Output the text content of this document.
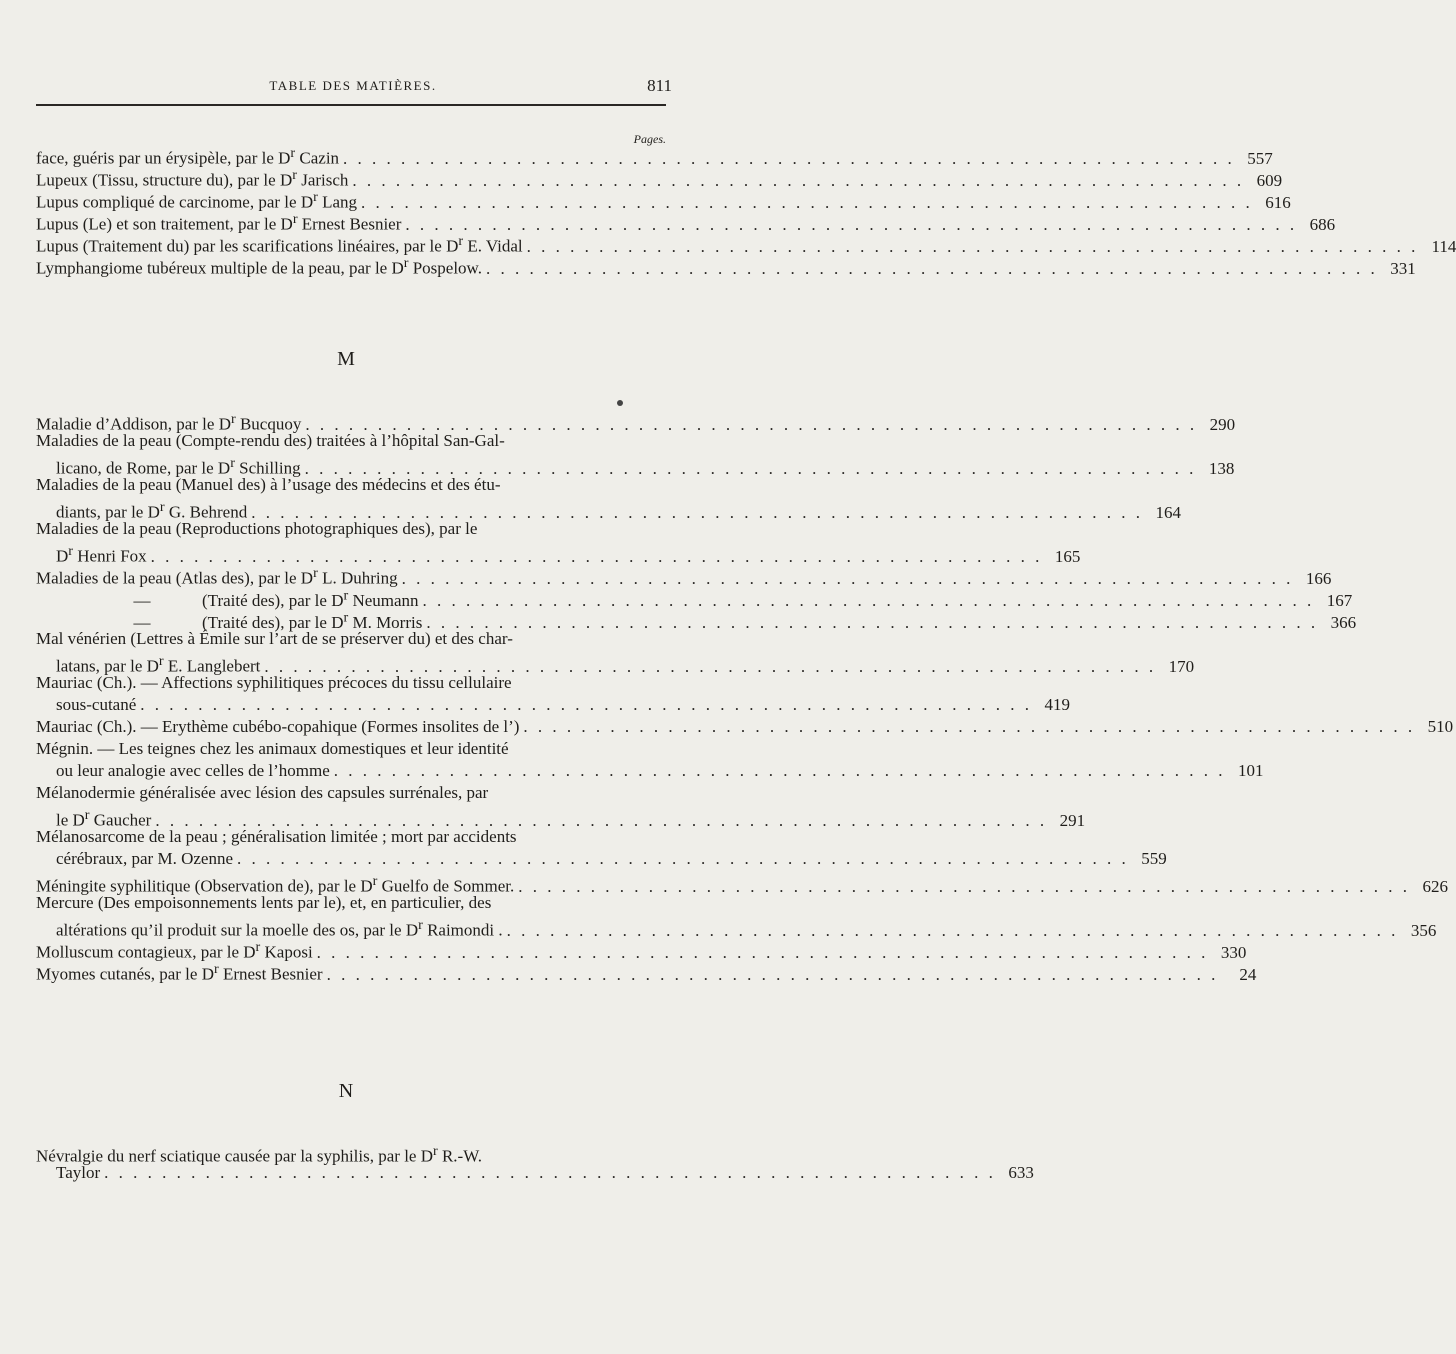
TABLE DES MATIÈRES.	811
Pages.
face, guéris par un érysipèle, par le $D^r$ Cazin . . . . . . . . . . . . . . . . . . . . . . . . . . . . . . . . . . . . . . . . . . . . . . . . . . . . . . . . . . . . . . 557
Lupeux (Tissu, structure du), par le $D^r$ Jarisch . . . . . . . . . . . . . . . . . . . . . . . . . . . . . . . . . . . . . . . . . . . . . . . . . . . . . . . . . . . . . . 609
Lupus compliqué de carcinome, par le $D^r$ Lang . . . . . . . . . . . . . . . . . . . . . . . . . . . . . . . . . . . . . . . . . . . . . . . . . . . . . . . . . . . . . . 616
Lupus (Le) et son traitement, par le $D^r$ Ernest Besnier . . . . . . . . . . . . . . . . . . . . . . . . . . . . . . . . . . . . . . . . . . . . . . . . . . . . . . . . . . . . . . 686
Lupus (Traitement du) par les scarifications linéaires, par le $D^r$ E. Vidal . . . . . . . . . . . . . . . . . . . . . . . . . . . . . . . . . . . . . . . . . . . . . . . . . . . . . . . . . . . . . . 114
Lymphangiome tubéreux multiple de la peau, par le $D^r$ Pospelow. . . . . . . . . . . . . . . . . . . . . . . . . . . . . . . . . . . . . . . . . . . . . . . . . . . . . . . . . . . . . . . 331
M
Maladie d’Addison, par le $D^r$ Bucquoy . . . . . . . . . . . . . . . . . . . . . . . . . . . . . . . . . . . . . . . . . . . . . . . . . . . . . . . . . . . . . . 290
Maladies de la peau (Compte-rendu des) traitées à l’hôpital San-Gal-
licano, de Rome, par le $D^r$ Schilling . . . . . . . . . . . . . . . . . . . . . . . . . . . . . . . . . . . . . . . . . . . . . . . . . . . . . . . . . . . . . . 138
Maladies de la peau (Manuel des) à l’usage des médecins et des étu-
diants, par le $D^r$ G. Behrend . . . . . . . . . . . . . . . . . . . . . . . . . . . . . . . . . . . . . . . . . . . . . . . . . . . . . . . . . . . . . . 164
Maladies de la peau (Reproductions photographiques des), par le
$D^r$ Henri Fox . . . . . . . . . . . . . . . . . . . . . . . . . . . . . . . . . . . . . . . . . . . . . . . . . . . . . . . . . . . . . . 165
Maladies de la peau (Atlas des), par le $D^r$ L. Duhring . . . . . . . . . . . . . . . . . . . . . . . . . . . . . . . . . . . . . . . . . . . . . . . . . . . . . . . . . . . . . . 166
—	(Traité des), par le $D^r$ Neumann . . . . . . . . . . . . . . . . . . . . . . . . . . . . . . . . . . . . . . . . . . . . . . . . . . . . . . . . . . . . . . 167
—	(Traité des), par le $D^r$ M. Morris . . . . . . . . . . . . . . . . . . . . . . . . . . . . . . . . . . . . . . . . . . . . . . . . . . . . . . . . . . . . . . 366
Mal vénérien (Lettres à Émile sur l’art de se préserver du) et des char-
latans, par le $D^r$ E. Langlebert . . . . . . . . . . . . . . . . . . . . . . . . . . . . . . . . . . . . . . . . . . . . . . . . . . . . . . . . . . . . . . 170
Mauriac (Ch.). — Affections syphilitiques précoces du tissu cellulaire
sous-cutané . . . . . . . . . . . . . . . . . . . . . . . . . . . . . . . . . . . . . . . . . . . . . . . . . . . . . . . . . . . . . . 419
Mauriac (Ch.). — Erythème cubébo-copahique (Formes insolites de l’) . . . . . . . . . . . . . . . . . . . . . . . . . . . . . . . . . . . . . . . . . . . . . . . . . . . . . . . . . . . . . . 510
Mégnin. — Les teignes chez les animaux domestiques et leur identité
ou leur analogie avec celles de l’homme . . . . . . . . . . . . . . . . . . . . . . . . . . . . . . . . . . . . . . . . . . . . . . . . . . . . . . . . . . . . . . 101
Mélanodermie généralisée avec lésion des capsules surrénales, par
le $D^r$ Gaucher . . . . . . . . . . . . . . . . . . . . . . . . . . . . . . . . . . . . . . . . . . . . . . . . . . . . . . . . . . . . . . 291
Mélanosarcome de la peau ; généralisation limitée ; mort par accidents
cérébraux, par M. Ozenne . . . . . . . . . . . . . . . . . . . . . . . . . . . . . . . . . . . . . . . . . . . . . . . . . . . . . . . . . . . . . . 559
Méningite syphilitique (Observation de), par le $D^r$ Guelfo de Sommer. . . . . . . . . . . . . . . . . . . . . . . . . . . . . . . . . . . . . . . . . . . . . . . . . . . . . . . . . . . . . . . 626
Mercure (Des empoisonnements lents par le), et, en particulier, des
altérations qu’il produit sur la moelle des os, par le $D^r$ Raimondi . . . . . . . . . . . . . . . . . . . . . . . . . . . . . . . . . . . . . . . . . . . . . . . . . . . . . . . . . . . . . . . 356
Molluscum contagieux, par le $D^r$ Kaposi . . . . . . . . . . . . . . . . . . . . . . . . . . . . . . . . . . . . . . . . . . . . . . . . . . . . . . . . . . . . . . 330
Myomes cutanés, par le $D^r$ Ernest Besnier . . . . . . . . . . . . . . . . . . . . . . . . . . . . . . . . . . . . . . . . . . . . . . . . . . . . . . . . . . . . . .	24
N
Névralgie du nerf sciatique causée par la syphilis, par le $D^r$ R.-W.
Taylor . . . . . . . . . . . . . . . . . . . . . . . . . . . . . . . . . . . . . . . . . . . . . . . . . . . . . . . . . . . . . . 633
